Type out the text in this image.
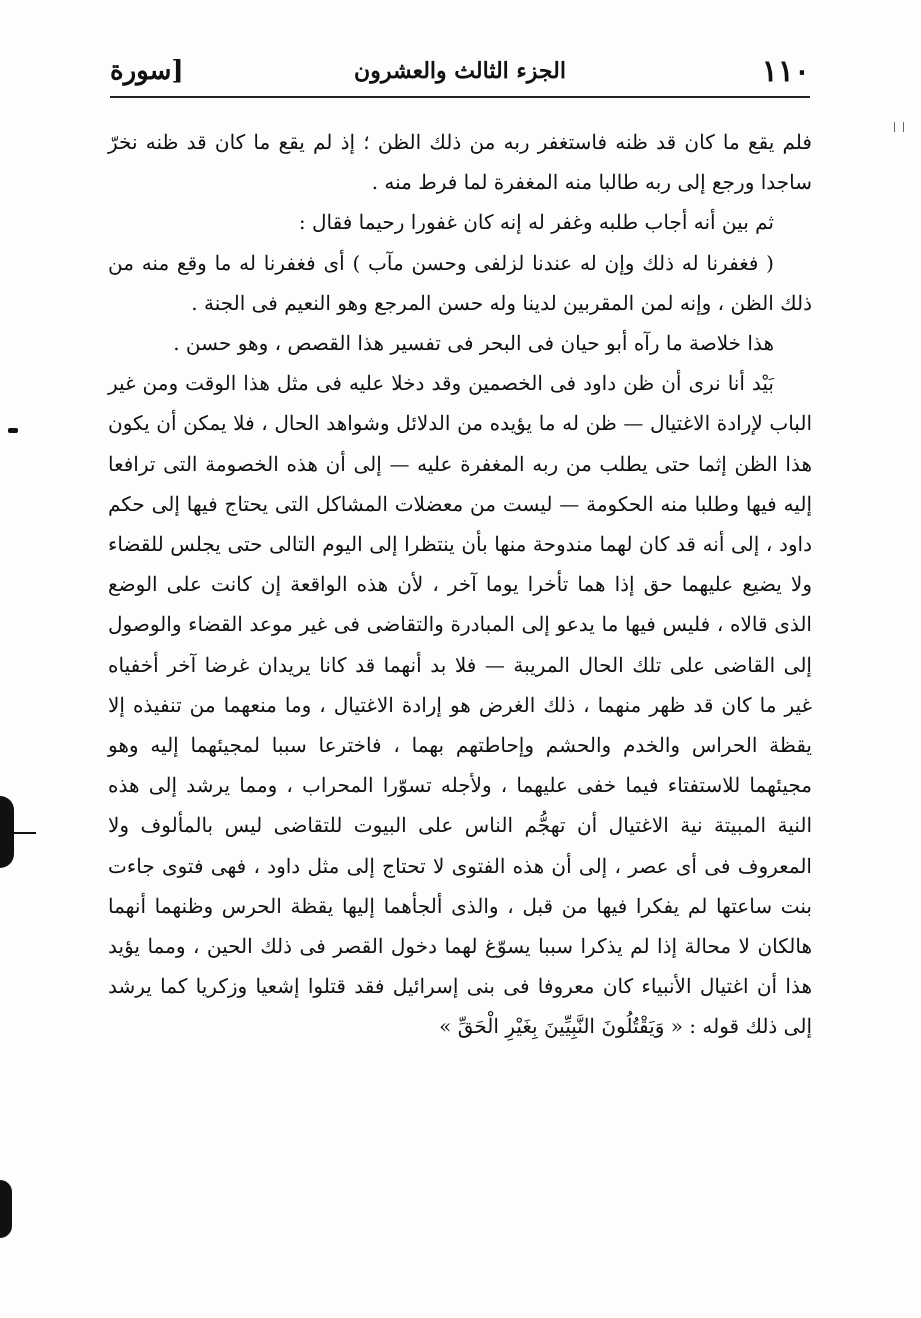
١١٠
الجزء الثالث والعشرون
[سورة

فلم يقع ما كان قد ظنه فاستغفر ربه من ذلك الظن ؛ إذ لم يقع ما كان قد ظنه نخرّ ساجدا ورجع إلى ربه طالبا منه المغفرة لما فرط منه .

ثم بين أنه أجاب طلبه وغفر له إنه كان غفورا رحيما فقال :

( فغفرنا له ذلك وإن له عندنا لزلفى وحسن مآب ) أى فغفرنا له ما وقع منه من ذلك الظن ، وإنه لمن المقربين لدينا وله حسن المرجع وهو النعيم فى الجنة .

هذا خلاصة ما رآه أبو حيان فى البحر فى تفسير هذا القصص ، وهو حسن .

بَيْد أنا نرى أن ظن داود فى الخصمين وقد دخلا عليه فى مثل هذا الوقت ومن غير الباب لإرادة الاغتيال — ظن له ما يؤيده من الدلائل وشواهد الحال ، فلا يمكن أن يكون هذا الظن إثما حتى يطلب من ربه المغفرة عليه — إلى أن هذه الخصومة التى ترافعا إليه فيها وطلبا منه الحكومة — ليست من معضلات المشاكل التى يحتاج فيها إلى حكم داود ، إلى أنه قد كان لهما مندوحة منها بأن ينتظرا إلى اليوم التالى حتى يجلس للقضاء ولا يضيع عليهما حق إذا هما تأخرا يوما آخر ، لأن هذه الواقعة إن كانت على الوضع الذى قالاه ، فليس فيها ما يدعو إلى المبادرة والتقاضى فى غير موعد القضاء والوصول إلى القاضى على تلك الحال المريبة — فلا بد أنهما قد كانا يريدان غرضا آخر أخفياه غير ما كان قد ظهر منهما ، ذلك الغرض هو إرادة الاغتيال ، وما منعهما من تنفيذه إلا يقظة الحراس والخدم والحشم وإحاطتهم بهما ، فاخترعا سببا لمجيئهما إليه وهو مجيئهما للاستفتاء فيما خفى عليهما ، ولأجله تسوّرا المحراب ، ومما يرشد إلى هذه النية المبيتة نية الاغتيال أن تهجُّم الناس على البيوت للتقاضى ليس بالمألوف ولا المعروف فى أى عصر ، إلى أن هذه الفتوى لا تحتاج إلى مثل داود ، فهى فتوى جاءت بنت ساعتها لم يفكرا فيها من قبل ، والذى ألجأهما إليها يقظة الحرس وظنهما أنهما هالكان لا محالة إذا لم يذكرا سببا يسوّغ لهما دخول القصر فى ذلك الحين ، ومما يؤيد هذا أن اغتيال الأنبياء كان معروفا فى بنى إسرائيل فقد قتلوا إشعيا وزكريا كما يرشد إلى ذلك قوله : « وَيَقْتُلُونَ النَّبِيِّينَ بِغَيْرِ الْحَقِّ »
